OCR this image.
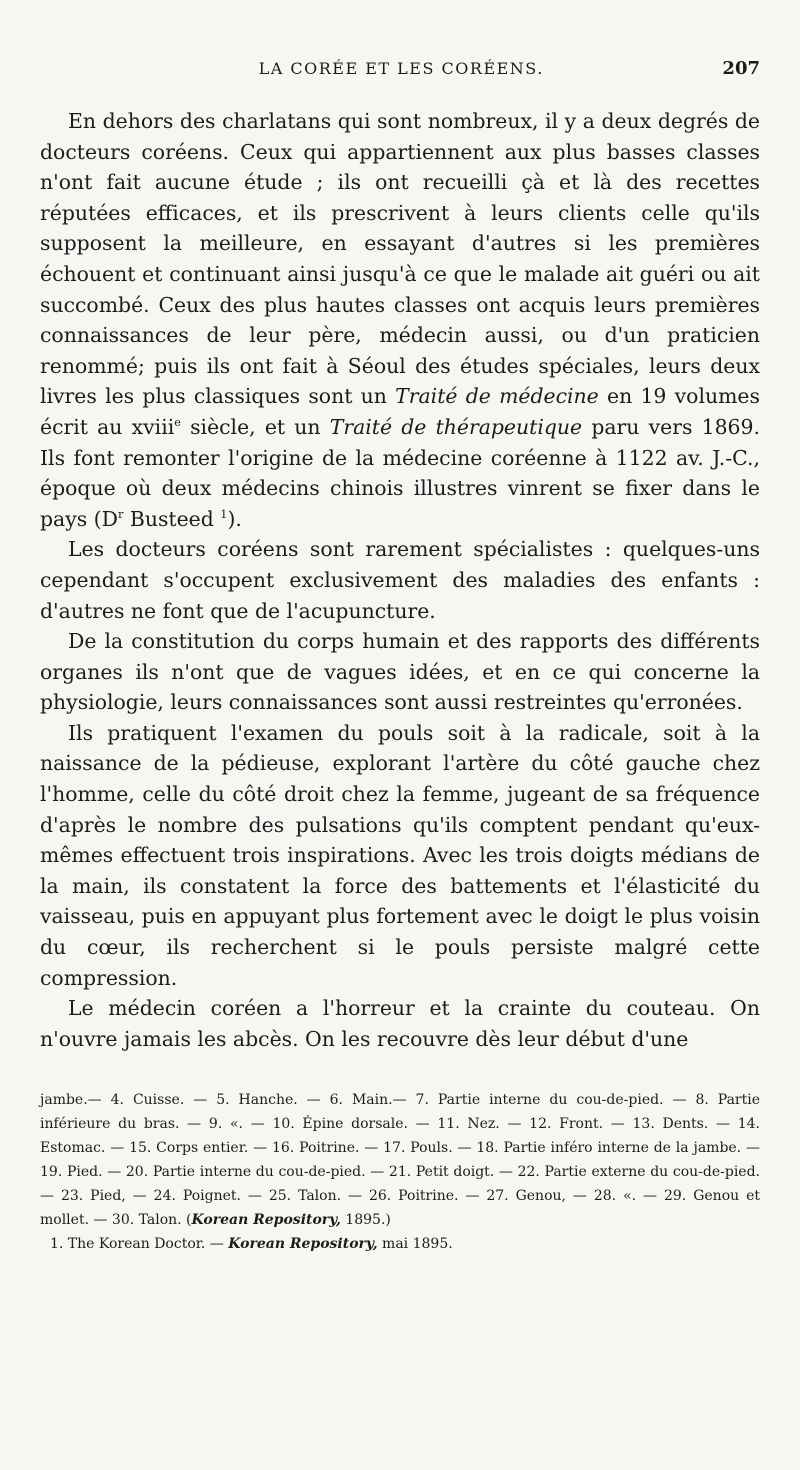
LA CORÉE ET LES CORÉENS.	207

En dehors des charlatans qui sont nombreux, il y a deux degrés de docteurs coréens. Ceux qui appartiennent aux plus basses classes n'ont fait aucune étude ; ils ont recueilli çà et là des recettes réputées efficaces, et ils prescrivent à leurs clients celle qu'ils supposent la meilleure, en essayant d'autres si les premières échouent et continuant ainsi jusqu'à ce que le malade ait guéri ou ait succombé. Ceux des plus hautes classes ont acquis leurs premières connaissances de leur père, médecin aussi, ou d'un praticien renommé; puis ils ont fait à Séoul des études spéciales, leurs deux livres les plus classiques sont un Traité de médecine en 19 volumes écrit au xviii$^e$ siècle, et un Traité de thérapeutique paru vers 1869. Ils font remonter l'origine de la médecine coréenne à 1122 av. J.-C., époque où deux médecins chinois illustres vinrent se fixer dans le pays ($D^r$ Busteed $^1$).

Les docteurs coréens sont rarement spécialistes : quelques-uns cependant s'occupent exclusivement des maladies des enfants : d'autres ne font que de l'acupuncture.

De la constitution du corps humain et des rapports des différents organes ils n'ont que de vagues idées, et en ce qui concerne la physiologie, leurs connaissances sont aussi restreintes qu'erronées.

Ils pratiquent l'examen du pouls soit à la radicale, soit à la naissance de la pédieuse, explorant l'artère du côté gauche chez l'homme, celle du côté droit chez la femme, jugeant de sa fréquence d'après le nombre des pulsations qu'ils comptent pendant qu'eux-mêmes effectuent trois inspirations. Avec les trois doigts médians de la main, ils constatent la force des battements et l'élasticité du vaisseau, puis en appuyant plus fortement avec le doigt le plus voisin du cœur, ils recherchent si le pouls persiste malgré cette compression.

Le médecin coréen a l'horreur et la crainte du couteau. On n'ouvre jamais les abcès. On les recouvre dès leur début d'une

jambe.— 4. Cuisse. — 5. Hanche. — 6. Main.— 7. Partie interne du cou-de-pied. — 8. Partie inférieure du bras. — 9. «. — 10. Épine dorsale. — 11. Nez. — 12. Front. — 13. Dents. — 14. Estomac. — 15. Corps entier. — 16. Poitrine. — 17. Pouls. — 18. Partie inféro interne de la jambe. — 19. Pied. — 20. Partie interne du cou-de-pied. — 21. Petit doigt. — 22. Partie externe du cou-de-pied. — 23. Pied, — 24. Poignet. — 25. Talon. — 26. Poitrine. — 27. Genou, — 28. «. — 29. Genou et mollet. — 30. Talon. (Korean Repository, 1895.)

1. The Korean Doctor. — Korean Repository, mai 1895.
